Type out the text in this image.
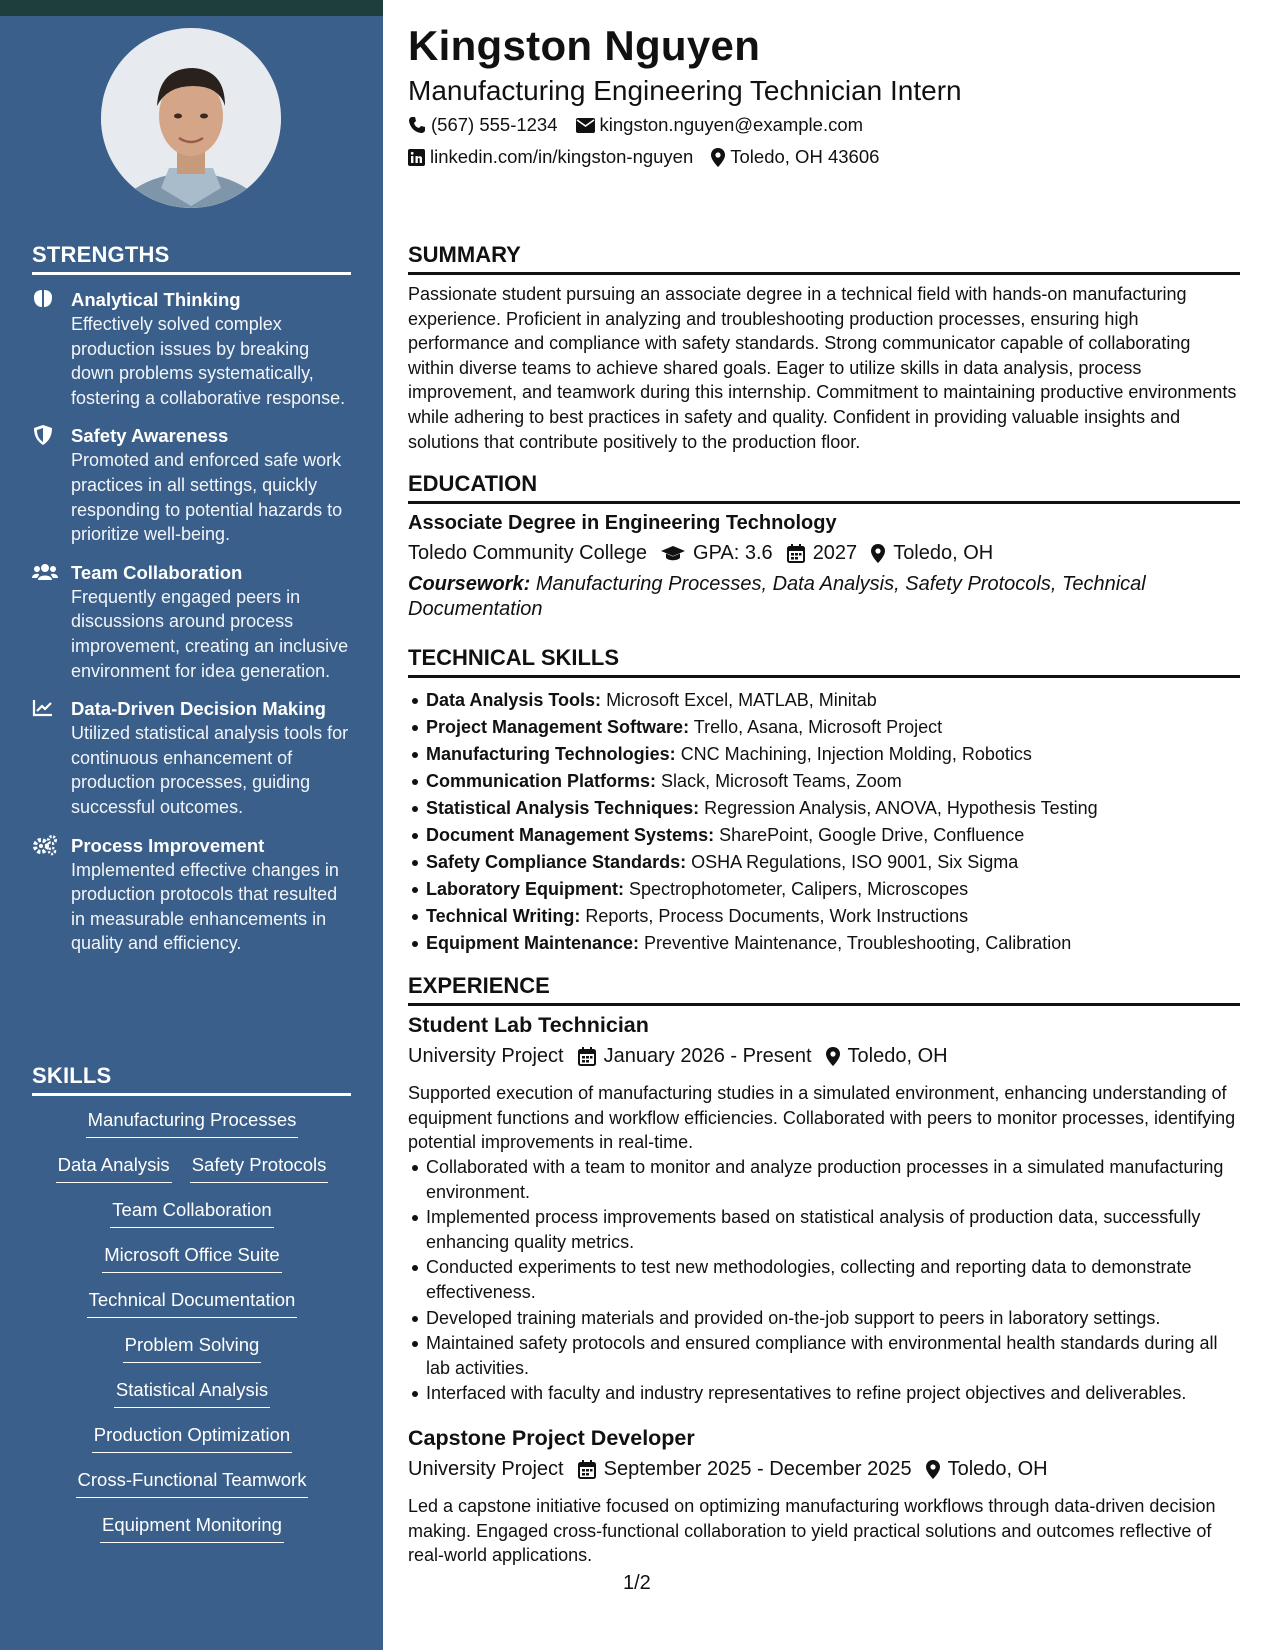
STRENGTHS
Analytical Thinking
Effectively solved complex production issues by breaking down problems systematically, fostering a collaborative response.
Safety Awareness
Promoted and enforced safe work practices in all settings, quickly responding to potential hazards to prioritize well-being.
Team Collaboration
Frequently engaged peers in discussions around process improvement, creating an inclusive environment for idea generation.
Data-Driven Decision Making
Utilized statistical analysis tools for continuous enhancement of production processes, guiding successful outcomes.
Process Improvement
Implemented effective changes in production protocols that resulted in measurable enhancements in quality and efficiency.
SKILLS
Manufacturing Processes
Data Analysis Safety Protocols
Team Collaboration
Microsoft Office Suite
Technical Documentation
Problem Solving
Statistical Analysis
Production Optimization
Cross-Functional Teamwork
Equipment Monitoring
Kingston Nguyen
Manufacturing Engineering Technician Intern
(567) 555-1234 kingston.nguyen@example.com
linkedin.com/in/kingston-nguyen Toledo, OH 43606
SUMMARY
Passionate student pursuing an associate degree in a technical field with hands-on manufacturing experience. Proficient in analyzing and troubleshooting production processes, ensuring high performance and compliance with safety standards. Strong communicator capable of collaborating within diverse teams to achieve shared goals. Eager to utilize skills in data analysis, process improvement, and teamwork during this internship. Commitment to maintaining productive environments while adhering to best practices in safety and quality. Confident in providing valuable insights and solutions that contribute positively to the production floor.
EDUCATION
Associate Degree in Engineering Technology
Toledo Community College GPA: 3.6 2027 Toledo, OH
Coursework: Manufacturing Processes, Data Analysis, Safety Protocols, Technical Documentation
TECHNICAL SKILLS
Data Analysis Tools: Microsoft Excel, MATLAB, Minitab
Project Management Software: Trello, Asana, Microsoft Project
Manufacturing Technologies: CNC Machining, Injection Molding, Robotics
Communication Platforms: Slack, Microsoft Teams, Zoom
Statistical Analysis Techniques: Regression Analysis, ANOVA, Hypothesis Testing
Document Management Systems: SharePoint, Google Drive, Confluence
Safety Compliance Standards: OSHA Regulations, ISO 9001, Six Sigma
Laboratory Equipment: Spectrophotometer, Calipers, Microscopes
Technical Writing: Reports, Process Documents, Work Instructions
Equipment Maintenance: Preventive Maintenance, Troubleshooting, Calibration
EXPERIENCE
Student Lab Technician
University Project January 2026 - Present Toledo, OH
Supported execution of manufacturing studies in a simulated environment, enhancing understanding of equipment functions and workflow efficiencies. Collaborated with peers to monitor processes, identifying potential improvements in real-time.
Collaborated with a team to monitor and analyze production processes in a simulated manufacturing environment.
Implemented process improvements based on statistical analysis of production data, successfully enhancing quality metrics.
Conducted experiments to test new methodologies, collecting and reporting data to demonstrate effectiveness.
Developed training materials and provided on-the-job support to peers in laboratory settings.
Maintained safety protocols and ensured compliance with environmental health standards during all lab activities.
Interfaced with faculty and industry representatives to refine project objectives and deliverables.
Capstone Project Developer
University Project September 2025 - December 2025 Toledo, OH
Led a capstone initiative focused on optimizing manufacturing workflows through data-driven decision making. Engaged cross-functional collaboration to yield practical solutions and outcomes reflective of real-world applications.
1/2
